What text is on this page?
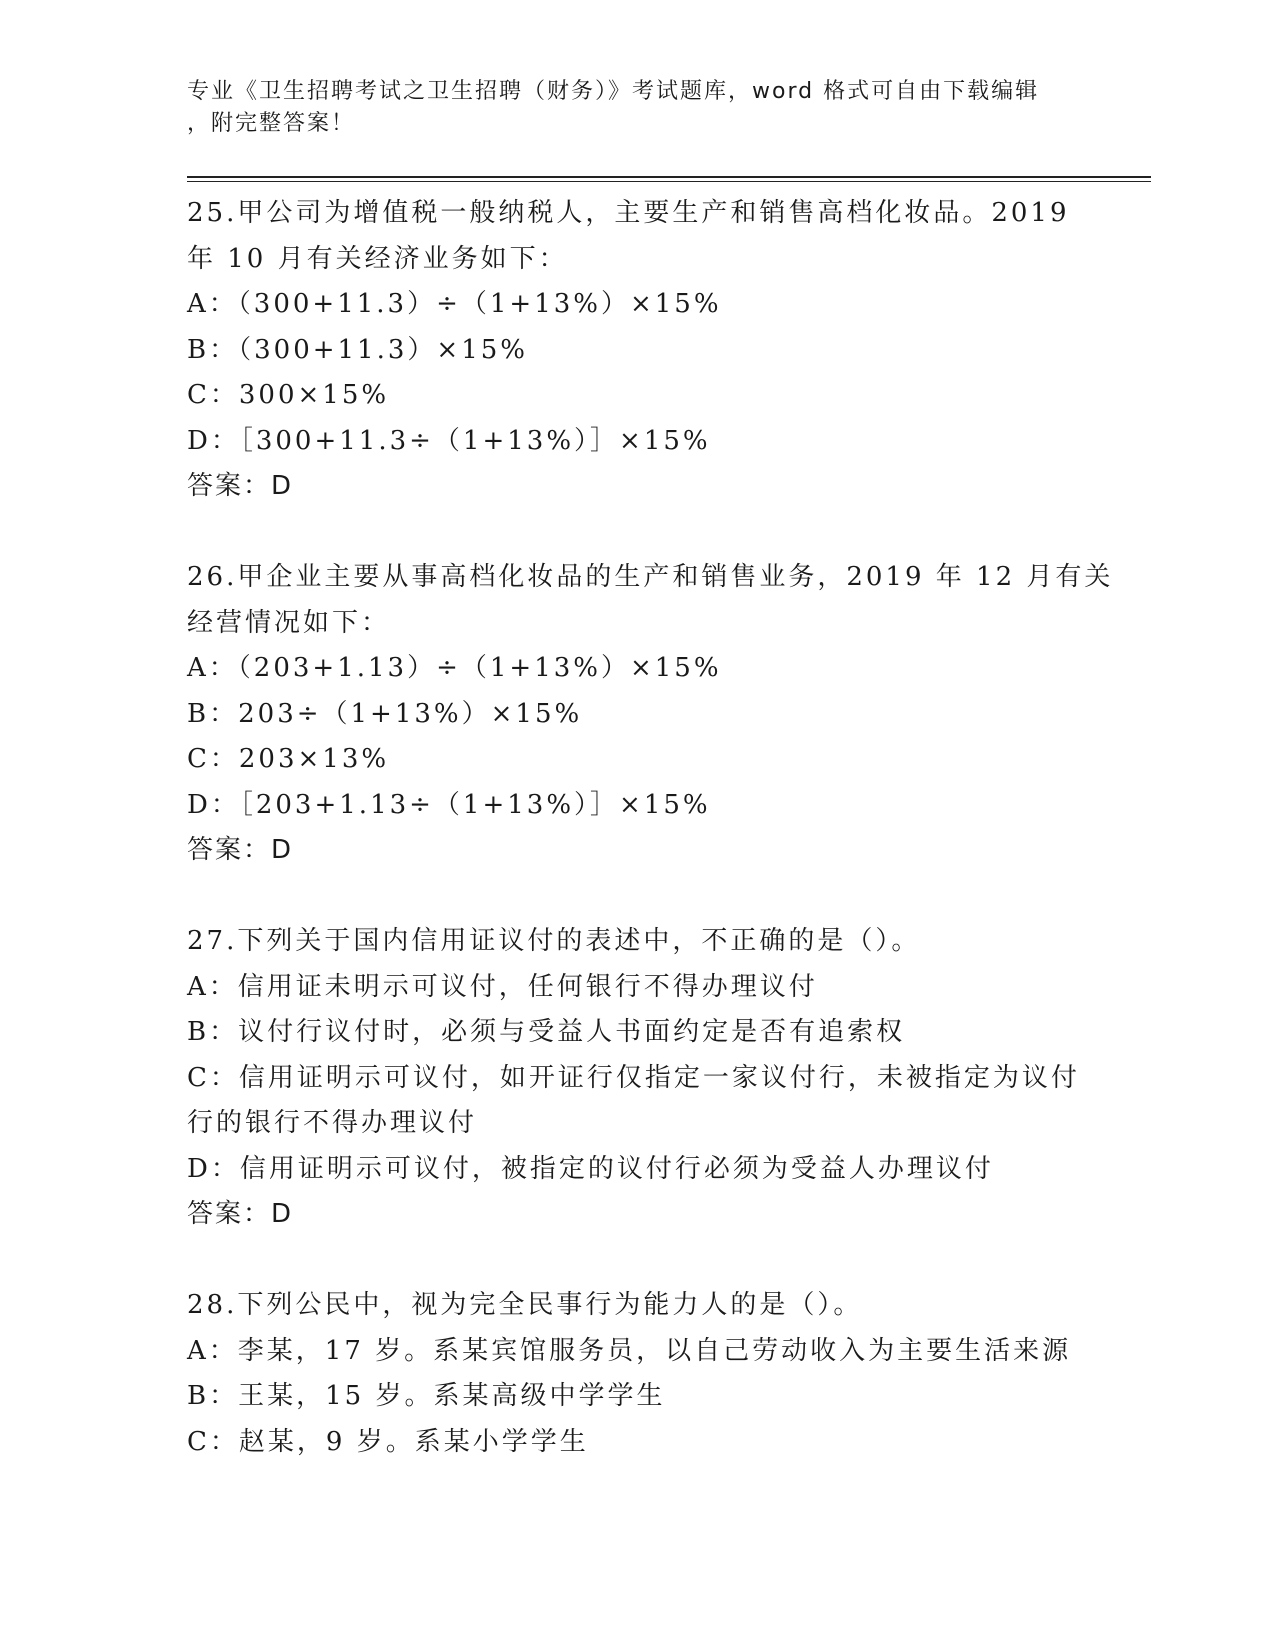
专业《卫生招聘考试之卫生招聘（财务）》考试题库，word 格式可自由下载编辑
，附完整答案！
25.甲公司为增值税一般纳税人，主要生产和销售高档化妆品。2019
年 10 月有关经济业务如下：
A：（300+11.3）÷（1+13%）×15%
B：（300+11.3）×15%
C：300×15%
D：［300+11.3÷（1+13%）］×15%
答案：D
26.甲企业主要从事高档化妆品的生产和销售业务，2019 年 12 月有关
经营情况如下：
A：（203+1.13）÷（1+13%）×15%
B：203÷（1+13%）×15%
C：203×13%
D：［203+1.13÷（1+13%）］×15%
答案：D
27.下列关于国内信用证议付的表述中，不正确的是（）。
A：信用证未明示可议付，任何银行不得办理议付
B：议付行议付时，必须与受益人书面约定是否有追索权
C：信用证明示可议付，如开证行仅指定一家议付行，未被指定为议付
行的银行不得办理议付
D：信用证明示可议付，被指定的议付行必须为受益人办理议付
答案：D
28.下列公民中，视为完全民事行为能力人的是（）。
A：李某，17 岁。系某宾馆服务员，以自己劳动收入为主要生活来源
B：王某，15 岁。系某高级中学学生
C：赵某，9 岁。系某小学学生
